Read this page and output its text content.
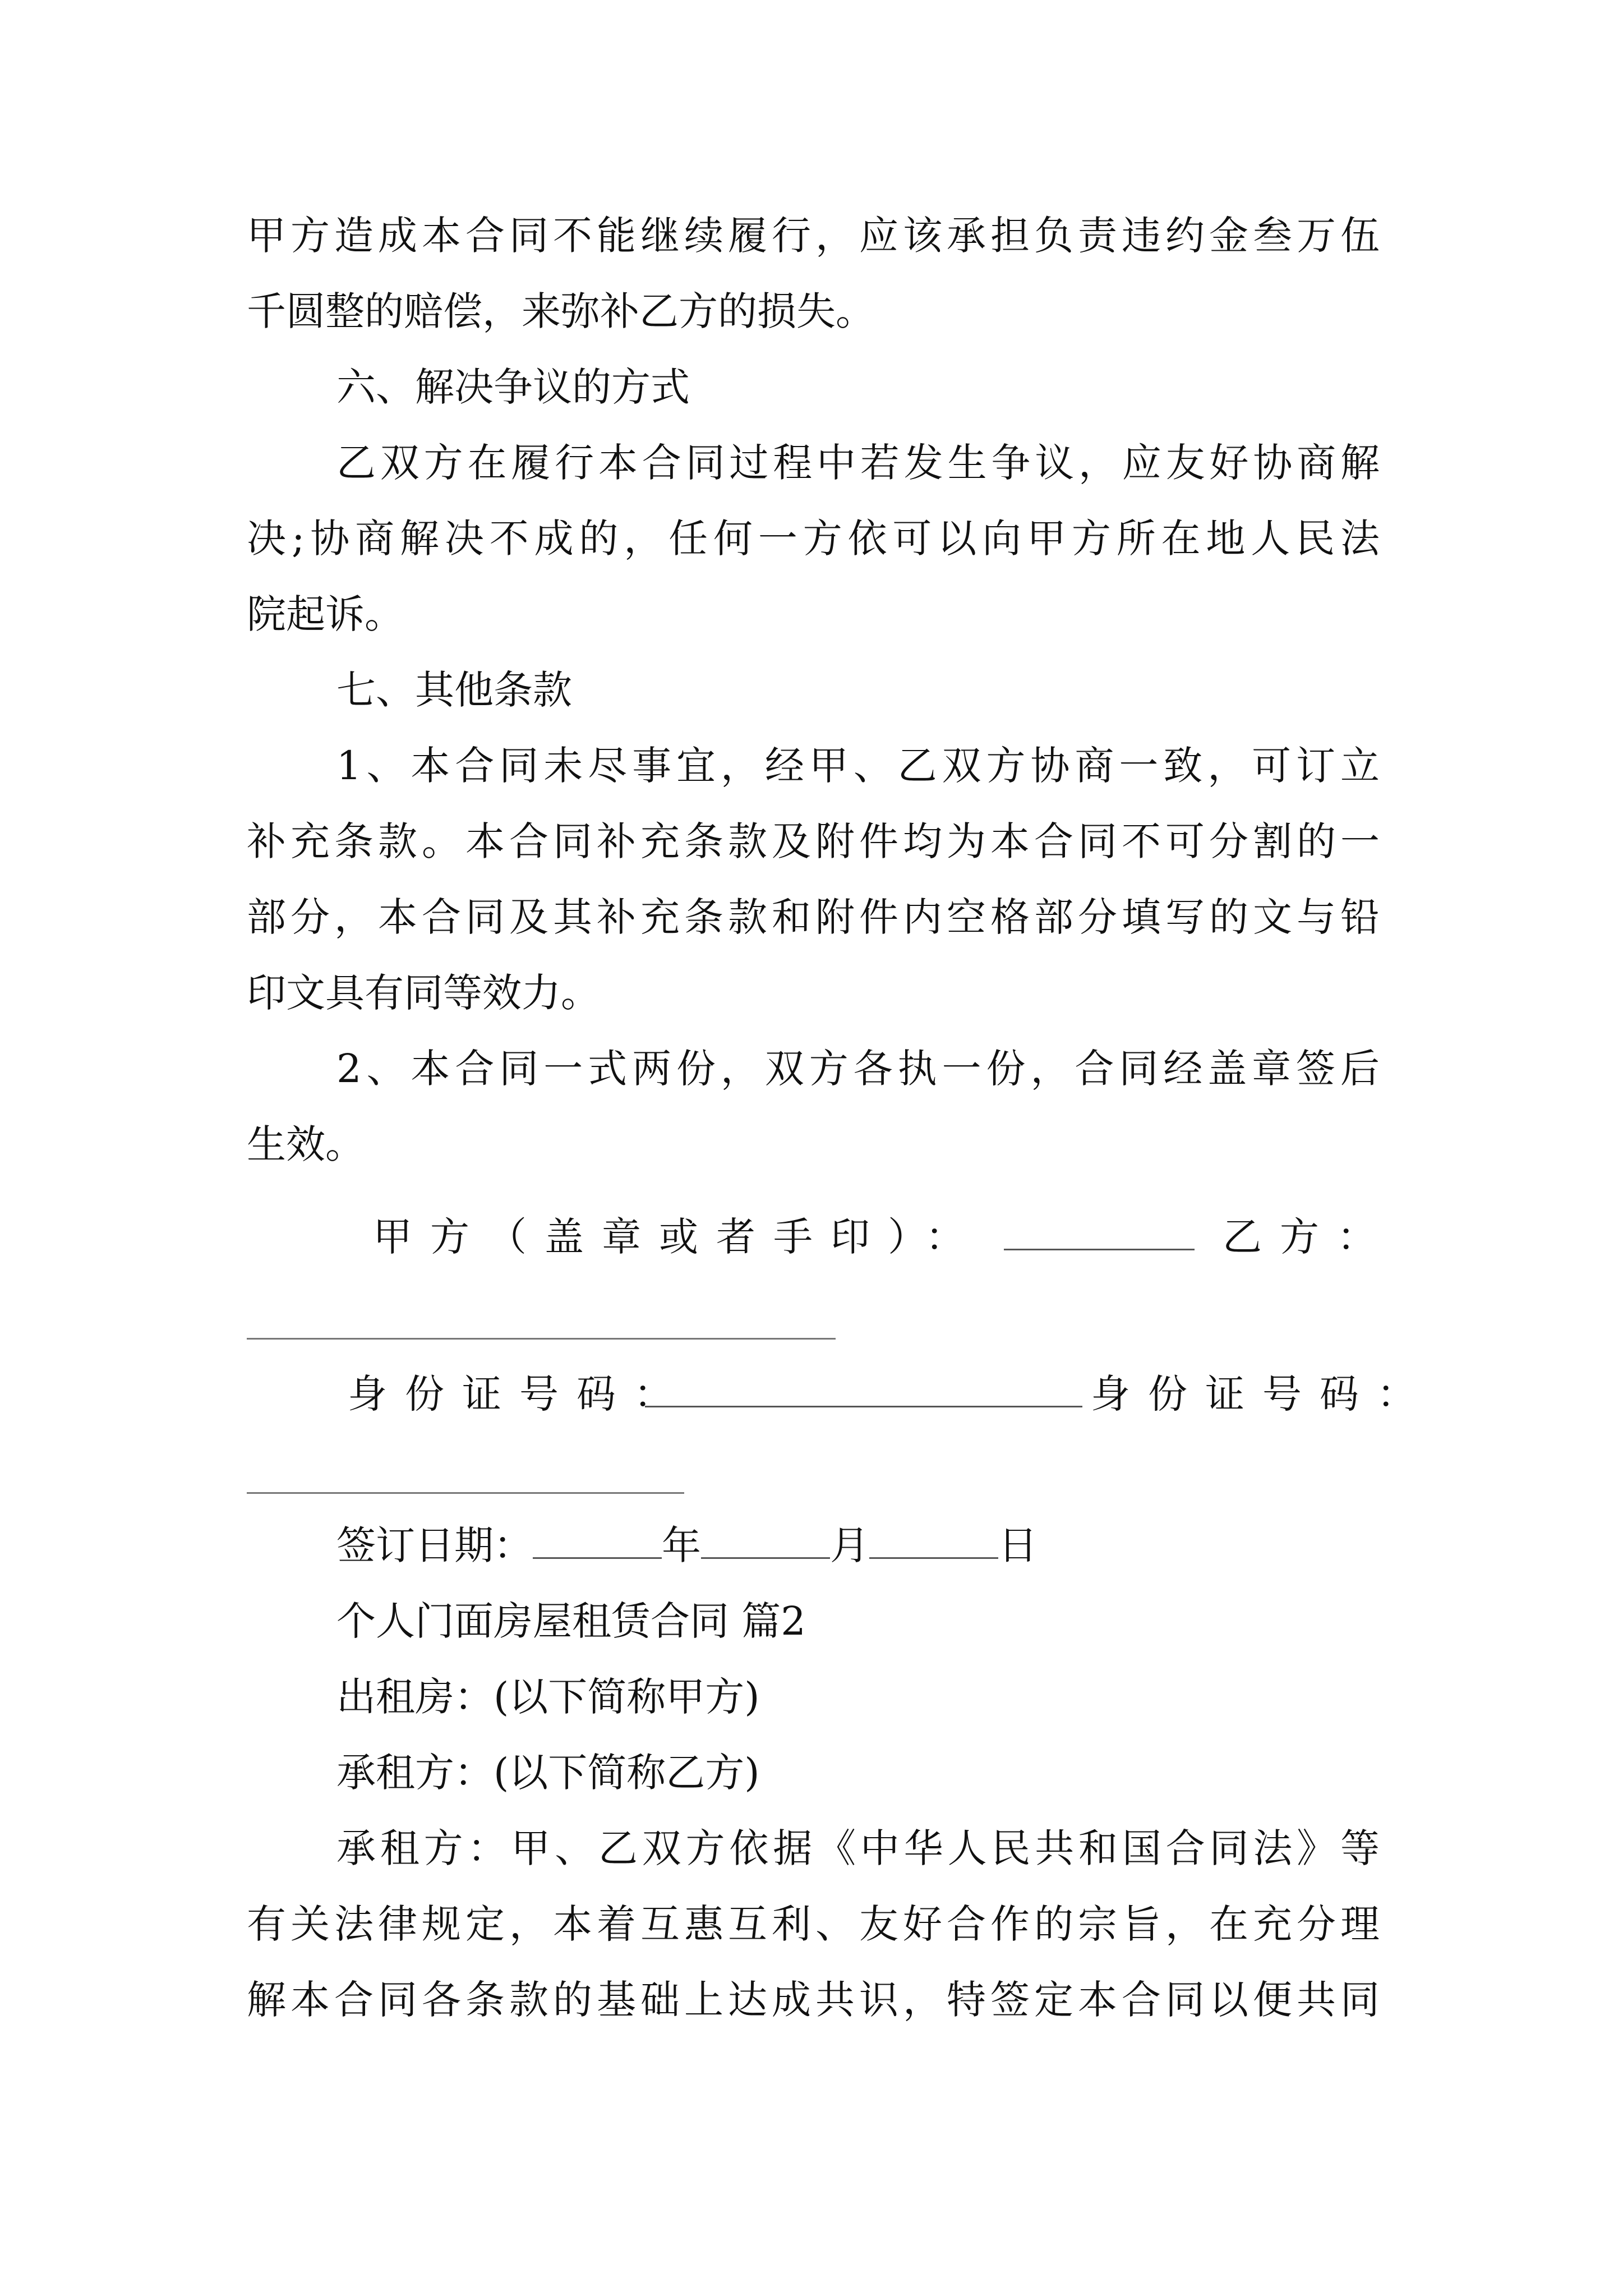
甲方造成本合同不能继续履行，应该承担负责违约金叁万伍
千圆整的赔偿，来弥补乙方的损失。
六、解决争议的方式
乙双方在履行本合同过程中若发生争议，应友好协商解
决;协商解决不成的，任何一方依可以向甲方所在地人民法
院起诉。
七、其他条款
1、本合同未尽事宜，经甲、乙双方协商一致，可订立
补充条款。本合同补充条款及附件均为本合同不可分割的一
部分，本合同及其补充条款和附件内空格部分填写的文与铅
印文具有同等效力。
2、本合同一式两份，双方各执一份，合同经盖章签后
生效。
甲方（盖章或者手印）：	乙方：
身份证号码：	身份证号码：
签订日期：	年	月	日
个人门面房屋租赁合同 篇2
出租房：(以下简称甲方)
承租方：(以下简称乙方)
承租方：甲、乙双方依据《中华人民共和国合同法》等
有关法律规定，本着互惠互利、友好合作的宗旨，在充分理
解本合同各条款的基础上达成共识，特签定本合同以便共同
